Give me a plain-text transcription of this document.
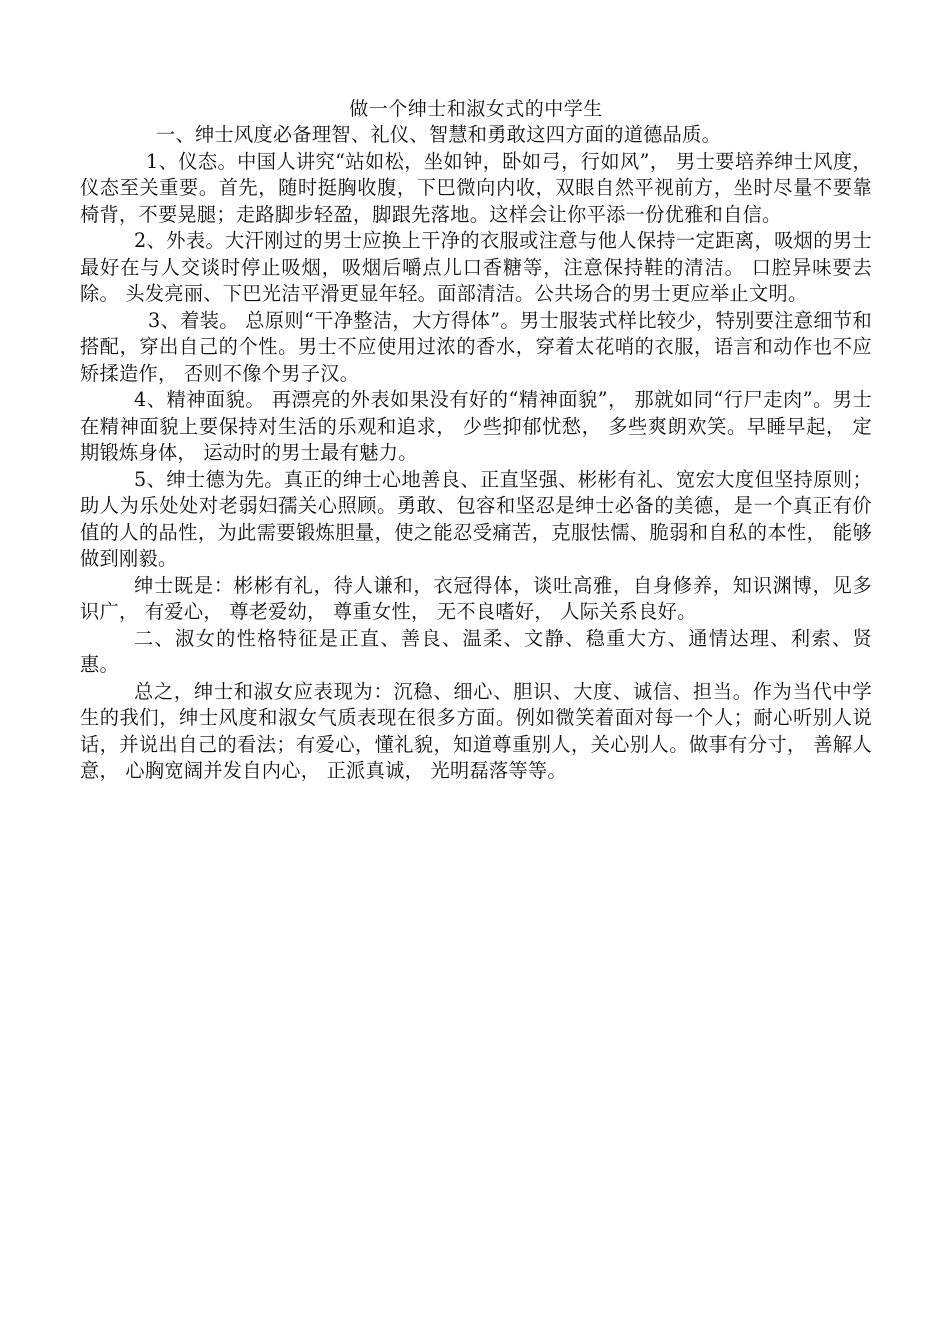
做一个绅士和淑女式的中学生

一、绅士风度必备理智、礼仪、智慧和勇敢这四方面的道德品质。

1、仪态。中国人讲究“站如松，坐如钟，卧如弓，行如风”， 男士要培养绅士风度，仪态至关重要。首先，随时挺胸收腹，下巴微向内收，双眼自然平视前方，坐时尽量不要靠椅背，不要晃腿；走路脚步轻盈，脚跟先落地。这样会让你平添一份优雅和自信。

2、外表。大汗刚过的男士应换上干净的衣服或注意与他人保持一定距离，吸烟的男士最好在与人交谈时停止吸烟，吸烟后嚼点儿口香糖等，注意保持鞋的清洁。 口腔异味要去除。 头发亮丽、下巴光洁平滑更显年轻。面部清洁。公共场合的男士更应举止文明。

3、着装。 总原则“干净整洁，大方得体”。男士服装式样比较少，特别要注意细节和搭配，穿出自己的个性。男士不应使用过浓的香水，穿着太花哨的衣服，语言和动作也不应矫揉造作， 否则不像个男子汉。

4、精神面貌。 再漂亮的外表如果没有好的“精神面貌”， 那就如同“行尸走肉”。男士在精神面貌上要保持对生活的乐观和追求， 少些抑郁忧愁， 多些爽朗欢笑。早睡早起， 定期锻炼身体， 运动时的男士最有魅力。

5、绅士德为先。真正的绅士心地善良、正直坚强、彬彬有礼、宽宏大度但坚持原则；助人为乐处处对老弱妇孺关心照顾。勇敢、包容和坚忍是绅士必备的美德，是一个真正有价值的人的品性，为此需要锻炼胆量，使之能忍受痛苦，克服怯懦、脆弱和自私的本性， 能够做到刚毅。

绅士既是：彬彬有礼，待人谦和，衣冠得体，谈吐高雅，自身修养，知识渊博，见多识广， 有爱心， 尊老爱幼， 尊重女性， 无不良嗜好， 人际关系良好。

二、淑女的性格特征是正直、善良、温柔、文静、稳重大方、通情达理、利索、贤惠。

总之，绅士和淑女应表现为：沉稳、细心、胆识、大度、诚信、担当。作为当代中学生的我们，绅士风度和淑女气质表现在很多方面。例如微笑着面对每一个人；耐心听别人说话，并说出自己的看法；有爱心，懂礼貌，知道尊重别人，关心别人。做事有分寸， 善解人意， 心胸宽阔并发自内心， 正派真诚， 光明磊落等等。
